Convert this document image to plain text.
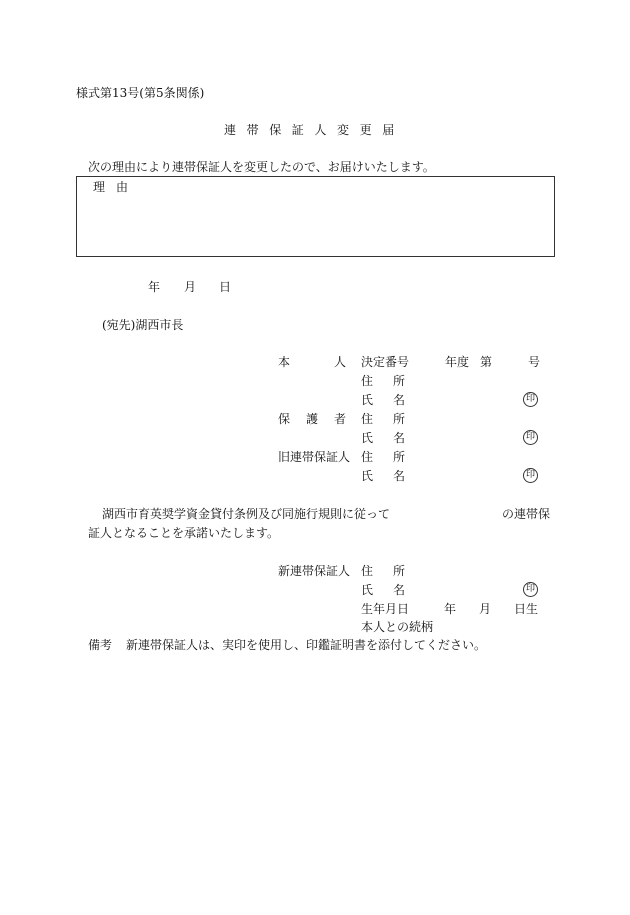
様式第13号(第5条関係)
連帯保証人変更届
次の理由により連帯保証人を変更したので、お届けいたします。
理由
年 月 日
(宛先)湖西市長
本	人 決定番号	年度 第	号
住 所
氏 名	印
保 護 者 住 所
氏 名	印
旧連帯保証人 住 所
氏 名	印
湖西市育英奨学資金貸付条例及び同施行規則に従って	の連帯保
証人となることを承諾いたします。
新連帯保証人 住 所
氏 名	印
生年月日	年 月 日生
本人との続柄
備考 新連帯保証人は、実印を使用し、印鑑証明書を添付してください。
